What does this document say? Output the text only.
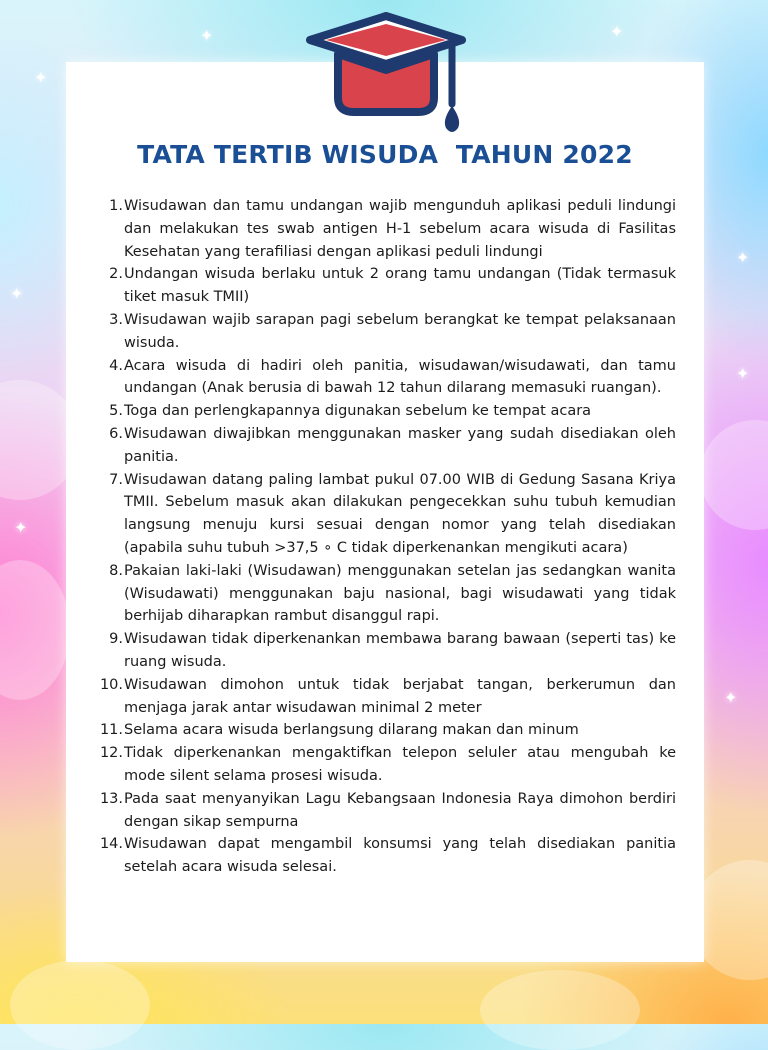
✦
✦
✦
✦
✦
✦
✦
✦
TATA TERTIB WISUDA  TAHUN 2022
1. Wisudawan dan tamu undangan wajib mengunduh aplikasi peduli lindungi dan melakukan tes swab antigen H-1 sebelum acara wisuda di Fasilitas Kesehatan yang terafiliasi dengan aplikasi peduli lindungi
2. Undangan wisuda berlaku untuk 2 orang tamu undangan (Tidak termasuk tiket masuk TMII)
3. Wisudawan wajib sarapan pagi sebelum berangkat ke tempat pelaksanaan wisuda.
4. Acara wisuda di hadiri oleh panitia, wisudawan/wisudawati, dan tamu undangan (Anak berusia di bawah 12 tahun dilarang memasuki ruangan).
5. Toga dan perlengkapannya digunakan sebelum ke tempat acara
6. Wisudawan diwajibkan menggunakan masker yang sudah disediakan oleh panitia.
7. Wisudawan datang paling lambat pukul 07.00 WIB di Gedung Sasana Kriya TMII. Sebelum masuk akan dilakukan pengecekkan suhu tubuh kemudian langsung menuju kursi sesuai dengan nomor yang telah disediakan (apabila suhu tubuh >37,5 ∘ C tidak diperkenankan mengikuti acara)
8. Pakaian laki-laki (Wisudawan) menggunakan setelan jas sedangkan wanita (Wisudawati) menggunakan baju nasional, bagi wisudawati yang tidak berhijab diharapkan rambut disanggul rapi.
9. Wisudawan tidak diperkenankan membawa barang bawaan (seperti tas) ke ruang wisuda.
10. Wisudawan dimohon untuk tidak berjabat tangan, berkerumun dan menjaga jarak antar wisudawan minimal 2 meter
11. Selama acara wisuda berlangsung dilarang makan dan minum
12. Tidak diperkenankan mengaktifkan telepon seluler atau mengubah ke mode silent selama prosesi wisuda.
13. Pada saat menyanyikan Lagu Kebangsaan Indonesia Raya dimohon berdiri dengan sikap sempurna
14. Wisudawan dapat mengambil konsumsi yang telah disediakan panitia setelah acara wisuda selesai.
